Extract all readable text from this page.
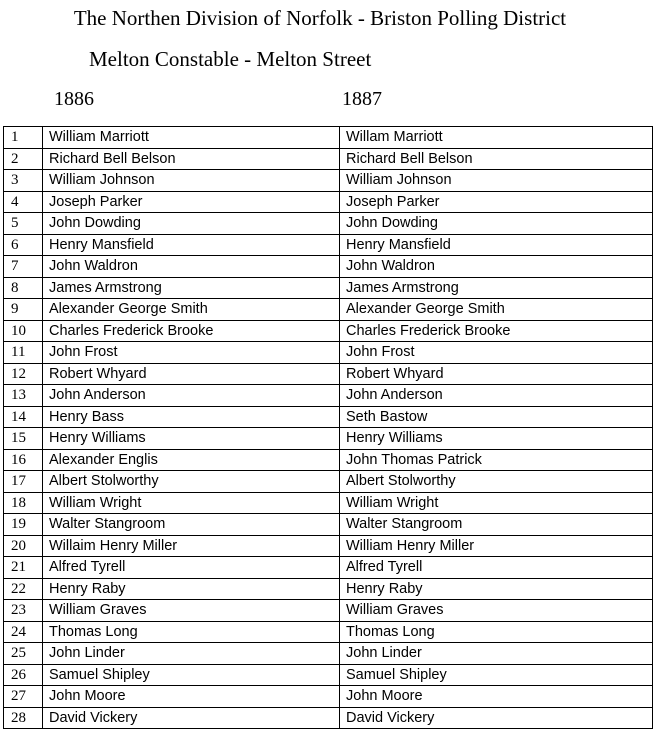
The Northen Division of Norfolk - Briston Polling District
Melton Constable - Melton Street
1886	1887
1	William Marriott	Willam Marriott
2	Richard Bell Belson	Richard Bell Belson
3	William Johnson	William Johnson
4	Joseph Parker	Joseph Parker
5	John Dowding	John Dowding
6	Henry Mansfield	Henry Mansfield
7	John Waldron	John Waldron
8	James Armstrong	James Armstrong
9	Alexander George Smith	Alexander George Smith
10	Charles Frederick Brooke	Charles Frederick Brooke
11	John Frost	John Frost
12	Robert Whyard	Robert Whyard
13	John Anderson	John Anderson
14	Henry Bass	Seth Bastow
15	Henry Williams	Henry Williams
16	Alexander Englis	John Thomas Patrick
17	Albert Stolworthy	Albert Stolworthy
18	William Wright	William Wright
19	Walter Stangroom	Walter Stangroom
20	Willaim Henry Miller	William Henry Miller
21	Alfred Tyrell	Alfred Tyrell
22	Henry Raby	Henry Raby
23	William Graves	William Graves
24	Thomas Long	Thomas Long
25	John Linder	John Linder
26	Samuel Shipley	Samuel Shipley
27	John Moore	John Moore
28	David Vickery	David Vickery
